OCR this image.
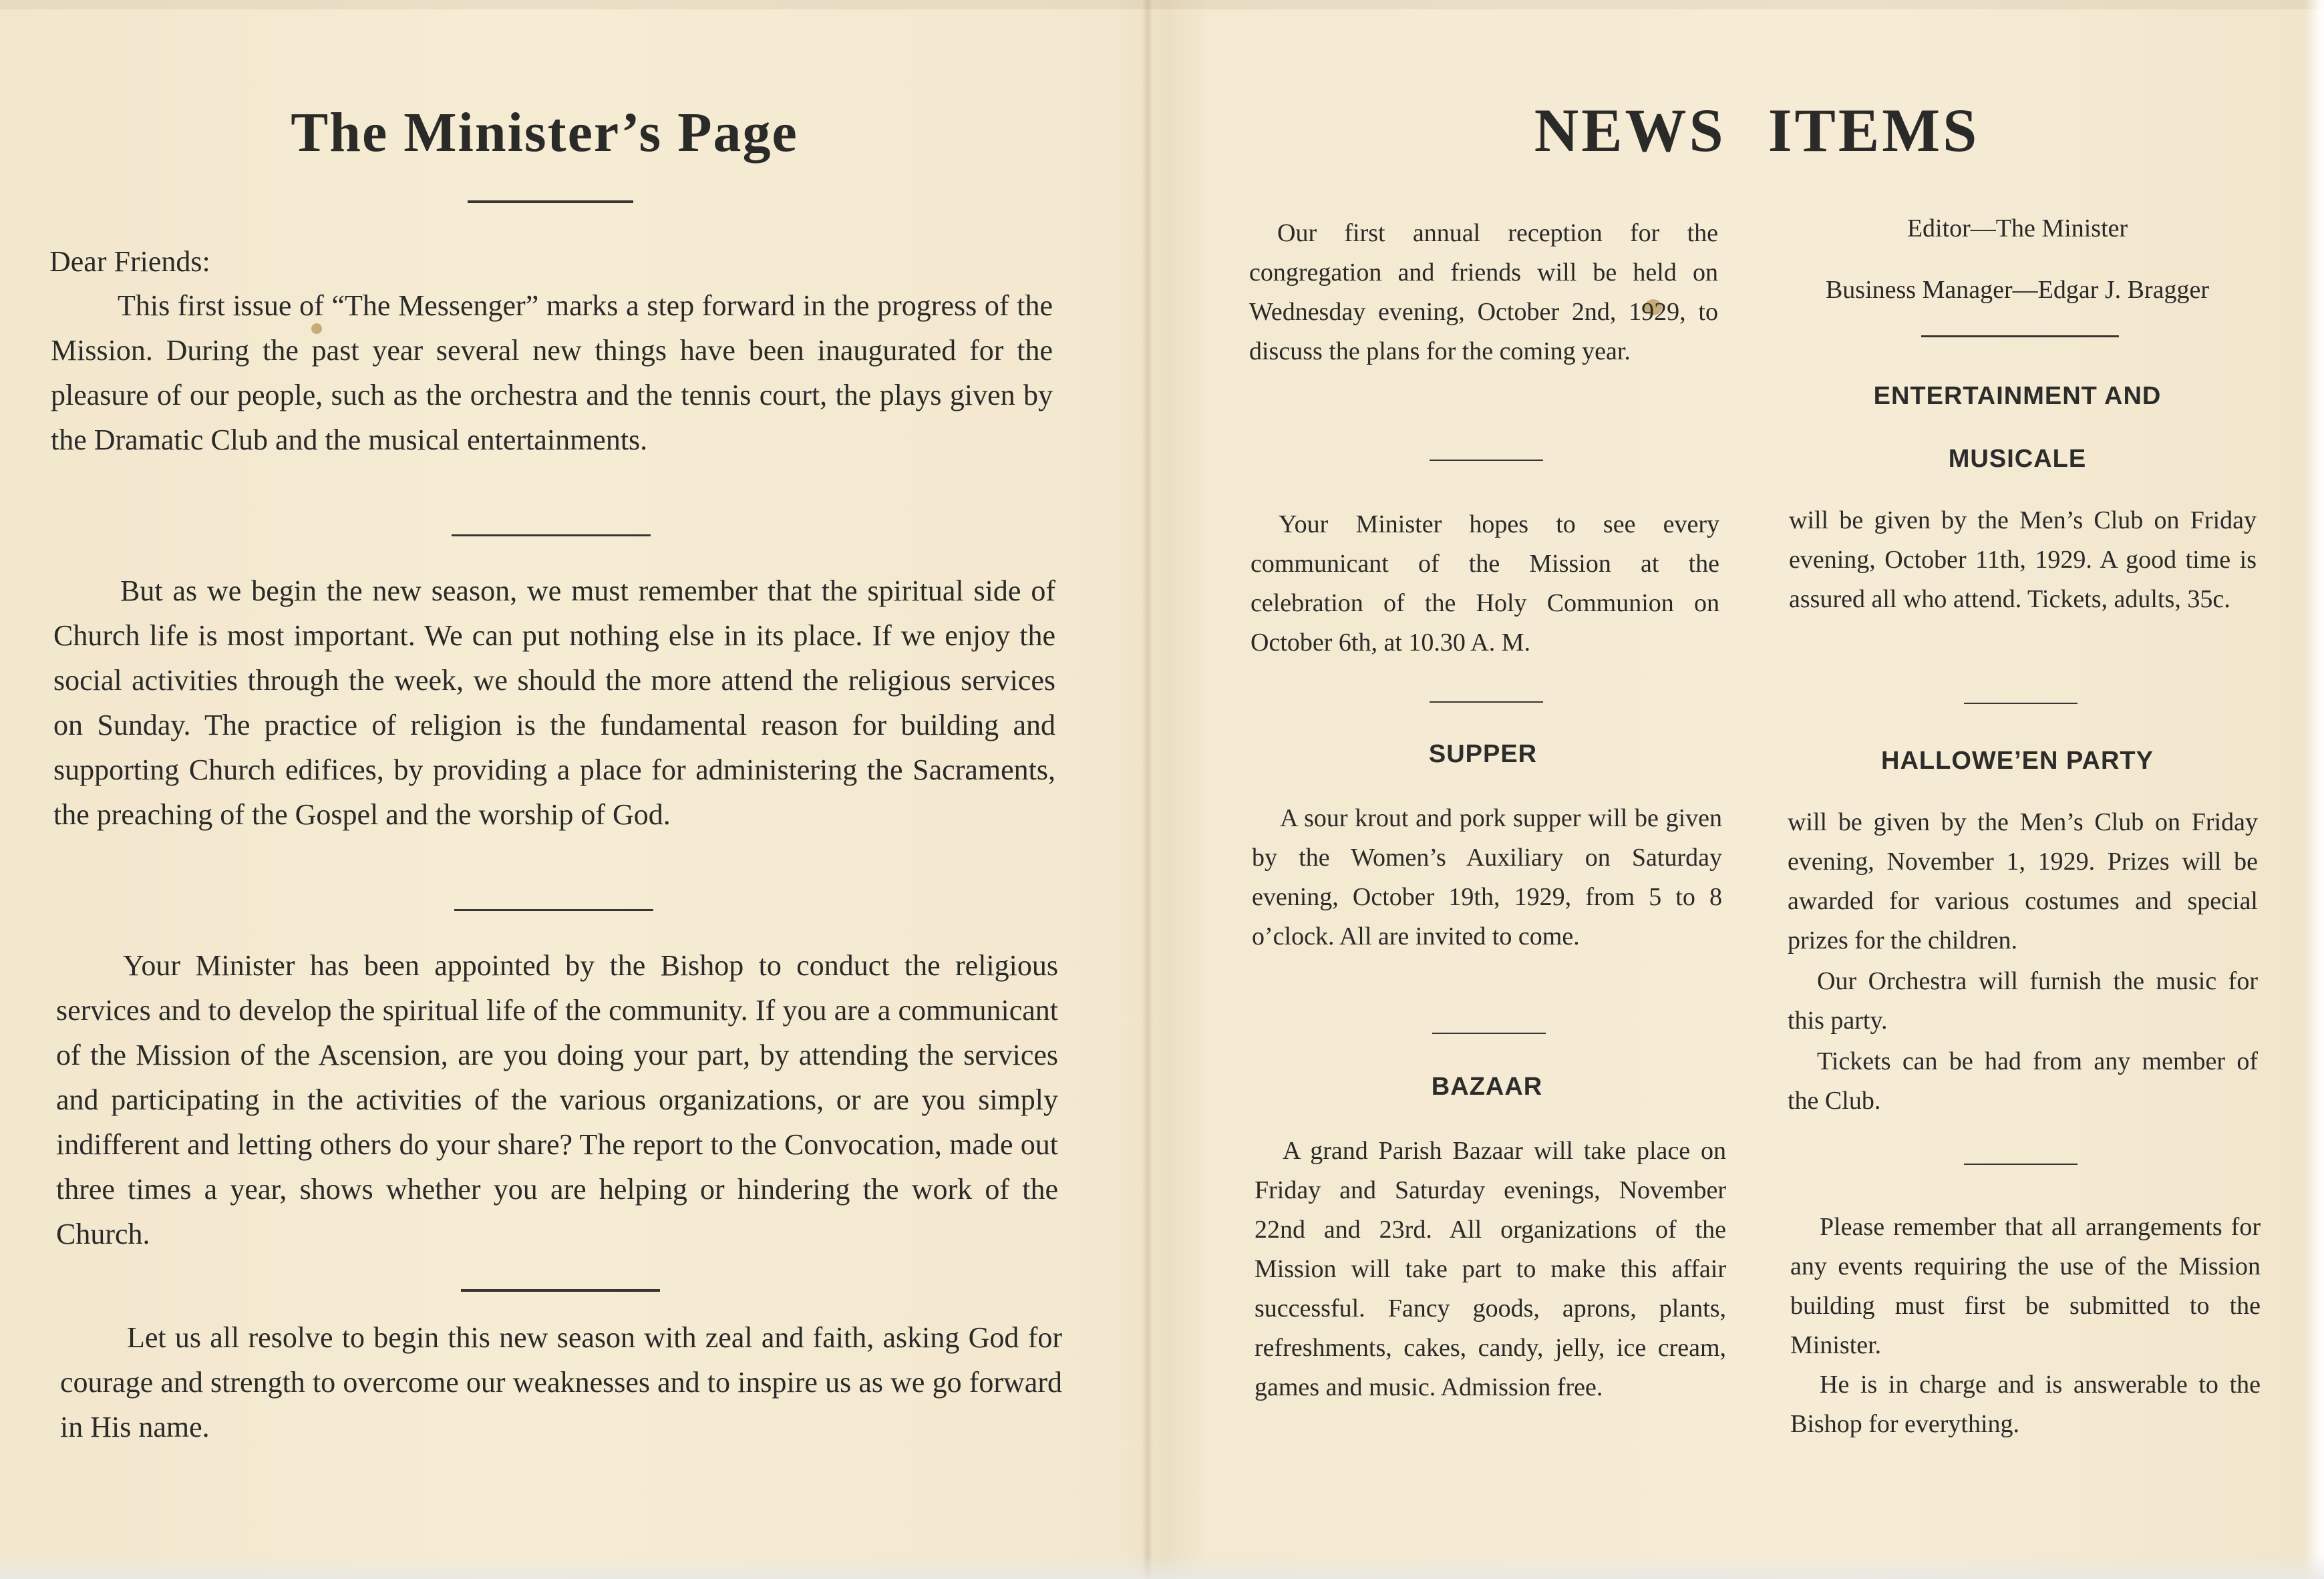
The Minister’s Page

Dear Friends:

This first issue of “The Messenger” marks a step forward in the progress of the Mission. During the past year several new things have been inaugurated for the pleasure of our people, such as the orchestra and the tennis court, the plays given by the Dramatic Club and the musical entertainments.

But as we begin the new season, we must remember that the spiritual side of Church life is most important. We can put nothing else in its place. If we enjoy the social activities through the week, we should the more attend the religious services on Sunday. The practice of religion is the fundamental reason for building and supporting Church edifices, by providing a place for administering the Sacraments, the preaching of the Gospel and the worship of God.

Your Minister has been appointed by the Bishop to conduct the religious services and to develop the spiritual life of the community. If you are a communicant of the Mission of the Ascension, are you doing your part, by attending the services and participating in the activities of the various organizations, or are you simply indifferent and letting others do your share? The report to the Convocation, made out three times a year, shows whether you are helping or hindering the work of the Church.

Let us all resolve to begin this new season with zeal and faith, asking God for courage and strength to overcome our weaknesses and to inspire us as we go forward in His name.

NEWS ITEMS

Our first annual reception for the congregation and friends will be held on Wednesday evening, October 2nd, 1929, to discuss the plans for the coming year.

Your Minister hopes to see every communicant of the Mission at the celebration of the Holy Communion on October 6th, at 10.30 A. M.

SUPPER

A sour krout and pork supper will be given by the Women’s Auxiliary on Saturday evening, October 19th, 1929, from 5 to 8 o’clock. All are invited to come.

BAZAAR

A grand Parish Bazaar will take place on Friday and Saturday evenings, November 22nd and 23rd. All organizations of the Mission will take part to make this affair successful. Fancy goods, aprons, plants, refreshments, cakes, candy, jelly, ice cream, games and music. Admission free.

Editor—The Minister

Business Manager—Edgar J. Bragger

ENTERTAINMENT AND
MUSICALE

will be given by the Men’s Club on Friday evening, October 11th, 1929. A good time is assured all who attend. Tickets, adults, 35c.

HALLOWE’EN PARTY

will be given by the Men’s Club on Friday evening, November 1, 1929. Prizes will be awarded for various costumes and special prizes for the children.

Our Orchestra will furnish the music for this party.

Tickets can be had from any member of the Club.

Please remember that all arrangements for any events requiring the use of the Mission building must first be submitted to the Minister.

He is in charge and is answerable to the Bishop for everything.
